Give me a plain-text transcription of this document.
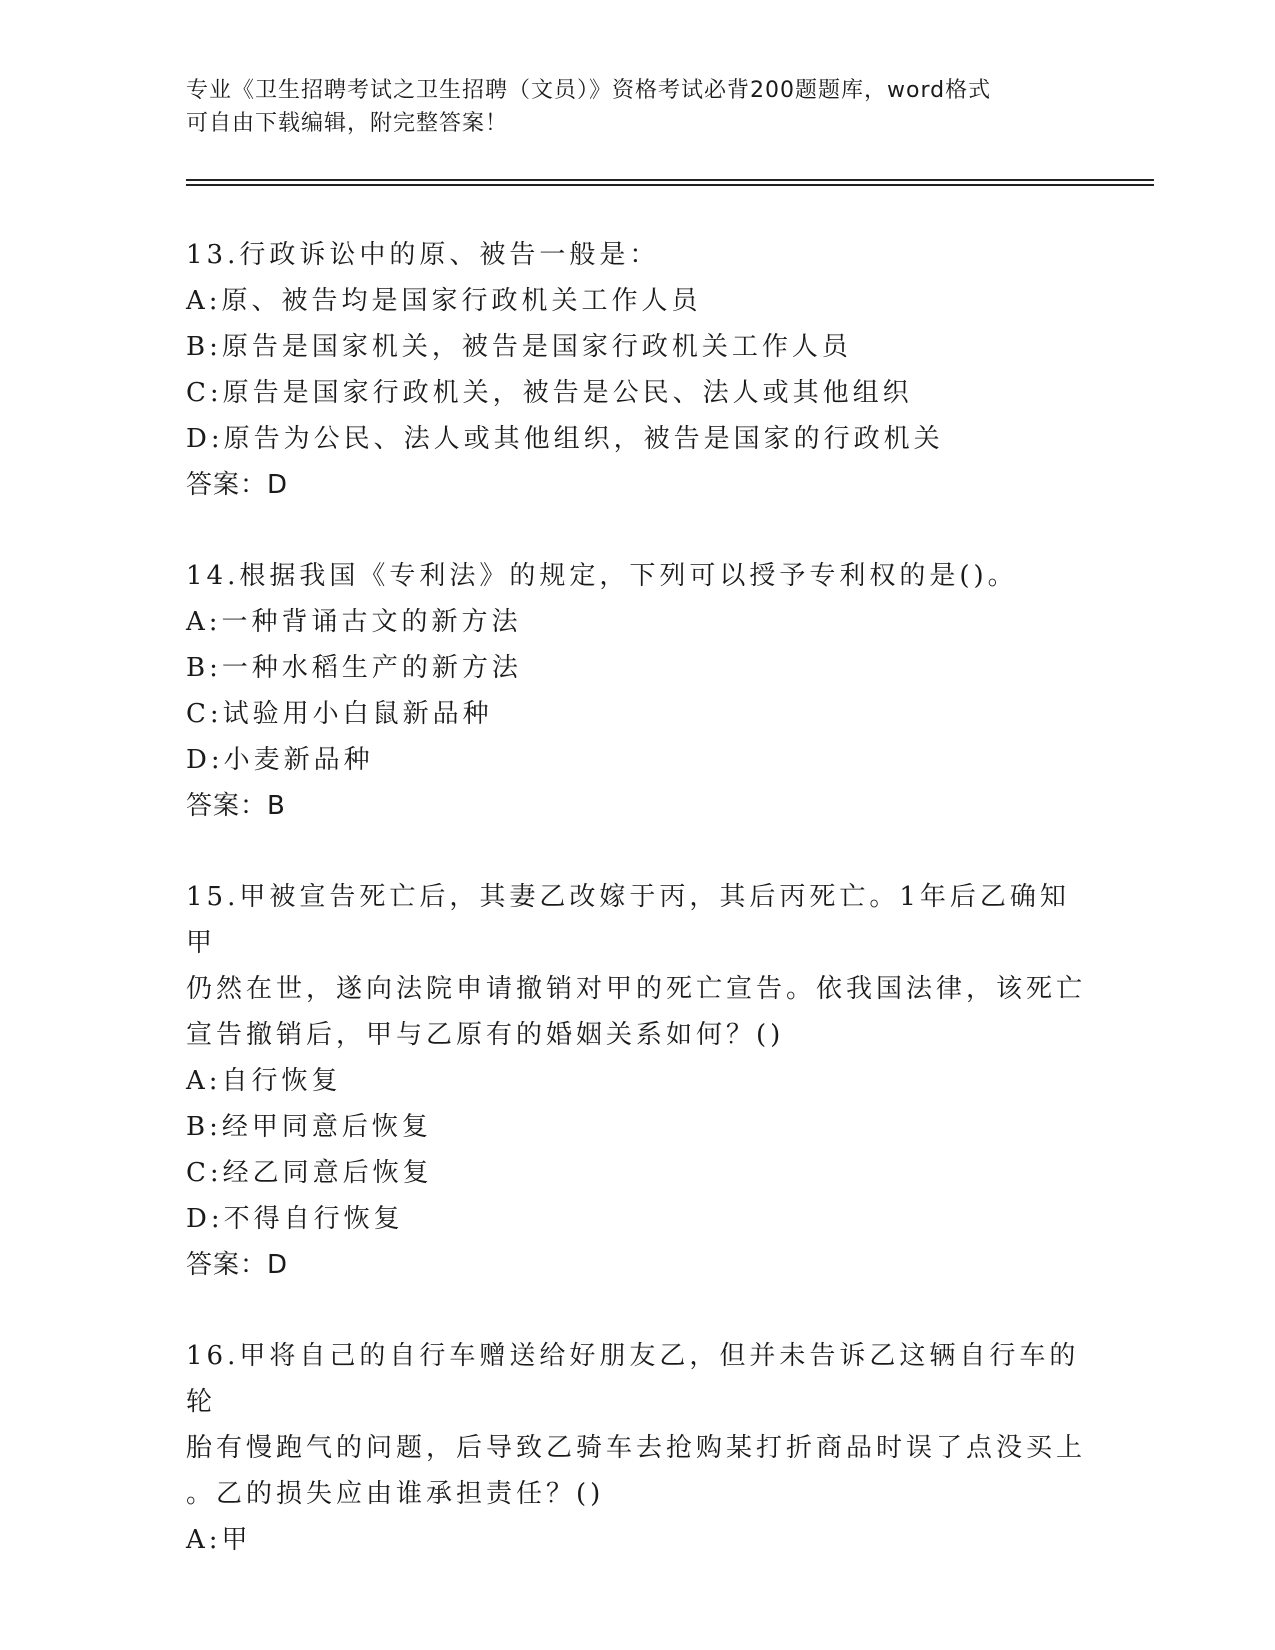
专业《卫生招聘考试之卫生招聘（文员）》资格考试必背200题题库，word格式
可自由下载编辑，附完整答案！

13.行政诉讼中的原、被告一般是：

A:原、被告均是国家行政机关工作人员

B:原告是国家机关，被告是国家行政机关工作人员

C:原告是国家行政机关，被告是公民、法人或其他组织

D:原告为公民、法人或其他组织，被告是国家的行政机关

答案：D

14.根据我国《专利法》的规定，下列可以授予专利权的是()。

A:一种背诵古文的新方法

B:一种水稻生产的新方法

C:试验用小白鼠新品种

D:小麦新品种

答案：B

15.甲被宣告死亡后，其妻乙改嫁于丙，其后丙死亡。1年后乙确知甲

仍然在世，遂向法院申请撤销对甲的死亡宣告。依我国法律，该死亡

宣告撤销后，甲与乙原有的婚姻关系如何？()

A:自行恢复

B:经甲同意后恢复

C:经乙同意后恢复

D:不得自行恢复

答案：D

16.甲将自己的自行车赠送给好朋友乙，但并未告诉乙这辆自行车的轮

胎有慢跑气的问题，后导致乙骑车去抢购某打折商品时误了点没买上

。乙的损失应由谁承担责任？()

A:甲
